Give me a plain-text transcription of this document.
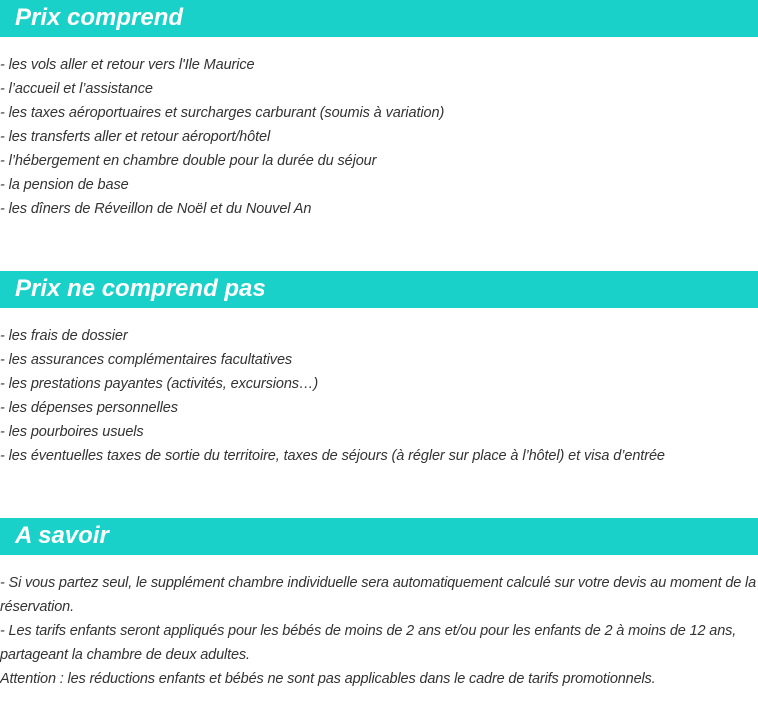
Prix comprend
- les vols aller et retour vers l'Ile Maurice
- l’accueil et l’assistance
- les taxes aéroportuaires et surcharges carburant (soumis à variation)
- les transferts aller et retour aéroport/hôtel
- l’hébergement en chambre double pour la durée du séjour
- la pension de base
- les dîners de Réveillon de Noël et du Nouvel An
Prix ne comprend pas
- les frais de dossier
- les assurances complémentaires facultatives
- les prestations payantes (activités, excursions…)
- les dépenses personnelles
- les pourboires usuels
- les éventuelles taxes de sortie du territoire, taxes de séjours (à régler sur place à l’hôtel) et visa d’entrée
A savoir

- Si vous partez seul, le supplément chambre individuelle sera automatiquement calculé sur votre devis au moment de la réservation.

- Les tarifs enfants seront appliqués pour les bébés de moins de 2 ans et/ou pour les enfants de 2 à moins de 12 ans, partageant la chambre de deux adultes.

Attention : les réductions enfants et bébés ne sont pas applicables dans le cadre de tarifs promotionnels.
